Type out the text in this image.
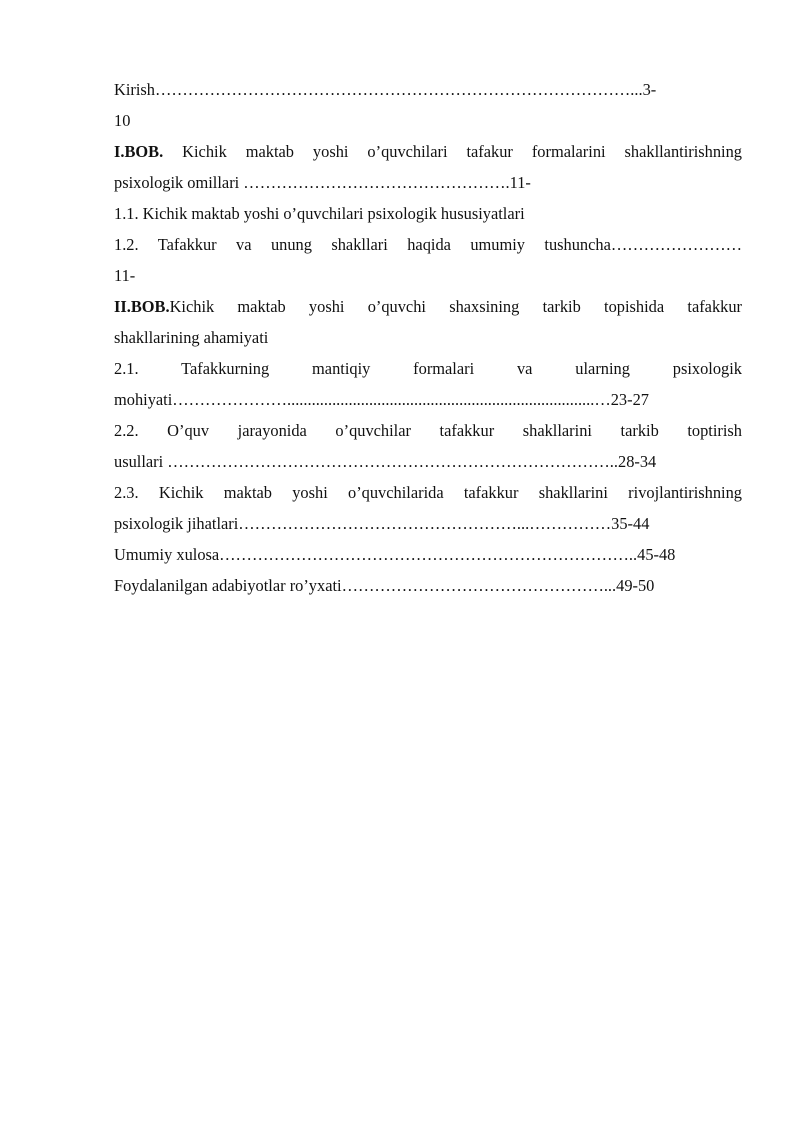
Kirish……………………………………………………………………………...3-
10
I.BOB. Kichik maktab yoshi o’quvchilari tafakur formalarini shakllantirishning
psixologik omillari ………………………………………….11-
1.1. Kichik maktab yoshi o’quvchilari psixologik hususiyatlari
1.2. Tafakkur va unung shakllari haqida umumiy tushuncha……………………
11-
II.BOB.Kichik maktab yoshi o’quvchi shaxsining tarkib topishida tafakkur
shakllarining ahamiyati
2.1. Tafakkurning mantiqiy formalari va ularning psixologik
mohiyati…………………...........................................................................…23-27
2.2. O’quv jarayonida o’quvchilar tafakkur shakllarini tarkib toptirish
usullari ………………………………………………………………………..28-34
2.3. Kichik maktab yoshi o’quvchilarida tafakkur shakllarini rivojlantirishning
psixologik jihatlari……………………………………………...……………35-44
Umumiy xulosa…………………………………………………………………..45-48
Foydalanilgan adabiyotlar ro’yxati…………………………………………...49-50
